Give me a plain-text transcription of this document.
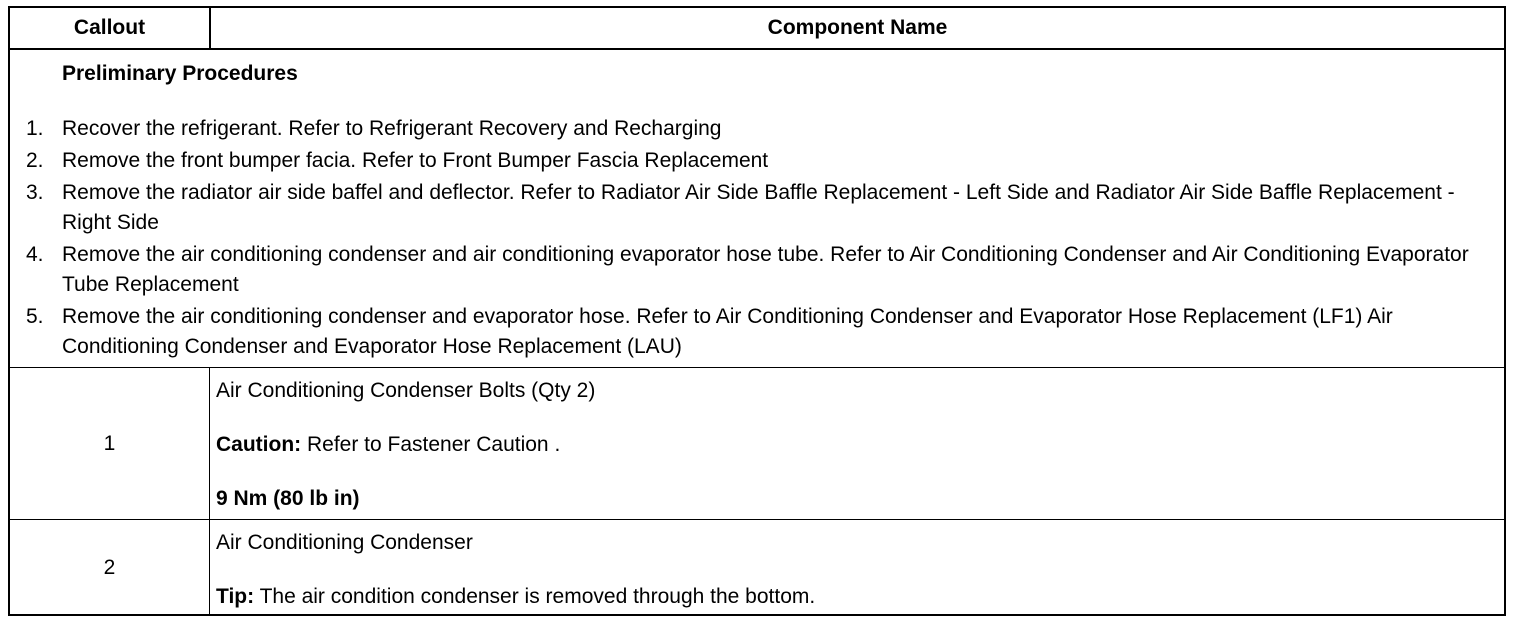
Callout	Component Name
Preliminary Procedures
1. Recover the refrigerant. Refer to Refrigerant Recovery and Recharging
2. Remove the front bumper facia. Refer to Front Bumper Fascia Replacement
3. Remove the radiator air side baffel and deflector. Refer to Radiator Air Side Baffle Replacement - Left Side and Radiator Air Side Baffle Replacement - Right Side
4. Remove the air conditioning condenser and air conditioning evaporator hose tube. Refer to Air Conditioning Condenser and Air Conditioning Evaporator Tube Replacement
5. Remove the air conditioning condenser and evaporator hose. Refer to Air Conditioning Condenser and Evaporator Hose Replacement (LF1) Air Conditioning Condenser and Evaporator Hose Replacement (LAU)
1
Air Conditioning Condenser Bolts (Qty 2)
Caution: Refer to Fastener Caution .
9 Nm (80 lb in)
2
Air Conditioning Condenser
Tip: The air condition condenser is removed through the bottom.
